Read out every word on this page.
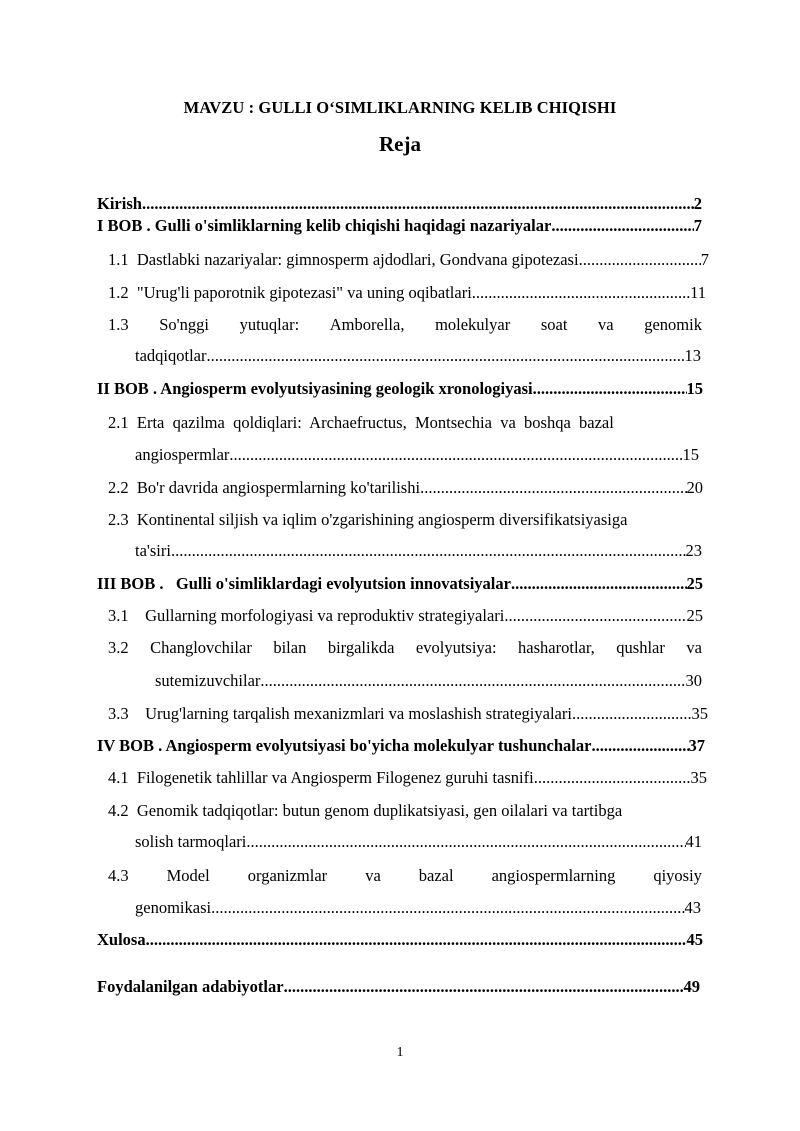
MAVZU : GULLI O‘SIMLIKLARNING KELIB CHIQISHI
Reja
Kirish .....	2
I BOB . Gulli o'simliklarning kelib chiqishi haqidagi nazariyalar .....	7
1.1 Dastlabki nazariyalar: gimnosperm ajdodlari, Gondvana gipotezasi .....	7
1.2 "Urug'li paporotnik gipotezasi" va uning oqibatlari .....	11
1.3 So'nggi yutuqlar: Amborella, molekulyar soat va genomik
tadqiqotlar .....	13
II BOB . Angiosperm evolyutsiyasining geologik xronologiyasi .....	15
2.1 Erta  qazilma  qoldiqlari:  Archaefructus,  Montsechia  va  boshqa  bazal
angiospermlar .....	15
2.2 Bo'r davrida angiospermlarning ko'tarilishi .....	20
2.3 Kontinental siljish va iqlim o'zgarishining angiosperm diversifikatsiyasiga
ta'siri .....	23
III BOB .   Gulli o'simliklardagi evolyutsion innovatsiyalar .....	25
3.1 Gullarning morfologiyasi va reproduktiv strategiyalari .....	25
3.2 Changlovchilar bilan birgalikda evolyutsiya: hasharotlar, qushlar va
sutemizuvchilar .....	30
3.3 Urug'larning tarqalish mexanizmlari va moslashish strategiyalari .....	35
IV BOB . Angiosperm evolyutsiyasi bo'yicha molekulyar tushunchalar .....	37
4.1 Filogenetik tahlillar va Angiosperm Filogenez guruhi tasnifi .....	35
4.2 Genomik tadqiqotlar: butun genom duplikatsiyasi, gen oilalari va tartibga
solish tarmoqlari .....	41
4.3 Model organizmlar va bazal angiospermlarning qiyosiy
genomikasi .....	43
Xulosa .....	45
Foydalanilgan adabiyotlar .....	49
1
